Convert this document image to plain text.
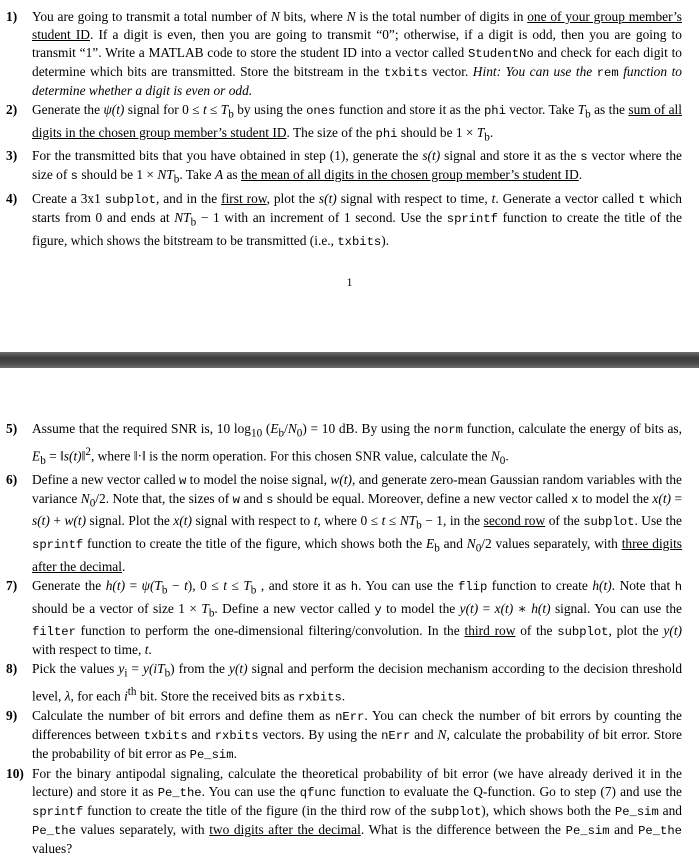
1) You are going to transmit a total number of N bits, where N is the total number of digits in one of your group member’s student ID. If a digit is even, then you are going to transmit “0”; otherwise, if a digit is odd, then you are going to transmit “1”. Write a MATLAB code to store the student ID into a vector called StudentNo and check for each digit to determine which bits are transmitted. Store the bitstream in the txbits vector. Hint: You can use the rem function to determine whether a digit is even or odd.
2) Generate the ψ(t) signal for $0 \le t \le T_b$ by using the ones function and store it as the phi vector. Take $T_b$ as the sum of all digits in the chosen group member’s student ID. The size of the phi should be $1 \times T_b$.
3) For the transmitted bits that you have obtained in step (1), generate the s(t) signal and store it as the s vector where the size of s should be $1 \times NT_b$. Take A as the mean of all digits in the chosen group member’s student ID.
4) Create a 3x1 subplot, and in the first row, plot the s(t) signal with respect to time, t. Generate a vector called t which starts from 0 and ends at $NT_b - 1$ with an increment of 1 second. Use the sprintf function to create the title of the figure, which shows the bitstream to be transmitted (i.e., txbits).
1
5) Assume that the required SNR is, 10 $\log_{10} (E_b/N_0) = 10$ dB. By using the norm function, calculate the energy of bits as, $E_b$ = ‖s(t)‖$^2$, where ‖·‖ is the norm operation. For this chosen SNR value, calculate the $N_0$.
6) Define a new vector called w to model the noise signal, w(t), and generate zero-mean Gaussian random variables with the variance $N_0/2$. Note that, the sizes of w and s should be equal. Moreover, define a new vector called x to model the x(t) = s(t) + w(t) signal. Plot the x(t) signal with respect to t, where $0 \le t \le NT_b - 1$, in the second row of the subplot. Use the sprintf function to create the title of the figure, which shows both the $E_b$ and $N_0/2$ values separately, with three digits after the decimal.
7) Generate the $h(t) = \psi(T_b - t)$, $0 \le t \le T_b$ , and store it as h. You can use the flip function to create h(t). Note that h should be a vector of size $1 \times T_b$. Define a new vector called y to model the y(t) = x(t) ∗ h(t) signal. You can use the filter function to perform the one-dimensional filtering/convolution. In the third row of the subplot, plot the y(t) with respect to time, t.
8) Pick the values $y_i = y(iT_b)$ from the y(t) signal and perform the decision mechanism according to the decision threshold level, λ, for each $i^{th}$ bit. Store the received bits as rxbits.
9) Calculate the number of bit errors and define them as nErr. You can check the number of bit errors by counting the differences between txbits and rxbits vectors. By using the nErr and N, calculate the probability of bit error. Store the probability of bit error as Pe_sim.
10) For the binary antipodal signaling, calculate the theoretical probability of bit error (we have already derived it in the lecture) and store it as Pe_the. You can use the qfunc function to evaluate the Q-function. Go to step (7) and use the sprintf function to create the title of the figure (in the third row of the subplot), which shows both the Pe_sim and Pe_the values separately, with two digits after the decimal. What is the difference between the Pe_sim and Pe_the values?
